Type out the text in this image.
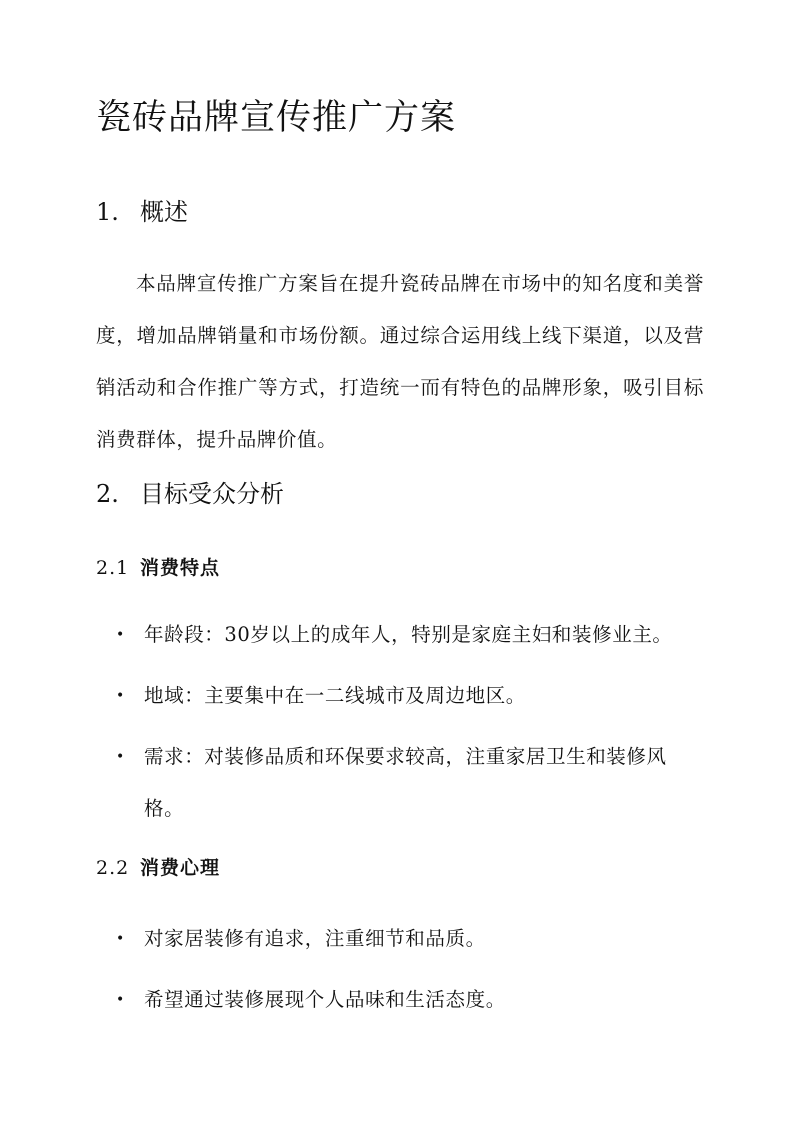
瓷砖品牌宣传推广方案
1. 概述
本品牌宣传推广方案旨在提升瓷砖品牌在市场中的知名度和美誉度，增加品牌销量和市场份额。通过综合运用线上线下渠道，以及营销活动和合作推广等方式，打造统一而有特色的品牌形象，吸引目标消费群体，提升品牌价值。
2. 目标受众分析
2.1 消费特点
• 年龄段：30岁以上的成年人，特别是家庭主妇和装修业主。
• 地域：主要集中在一二线城市及周边地区。
• 需求：对装修品质和环保要求较高，注重家居卫生和装修风格。
2.2 消费心理
• 对家居装修有追求，注重细节和品质。
• 希望通过装修展现个人品味和生活态度。
